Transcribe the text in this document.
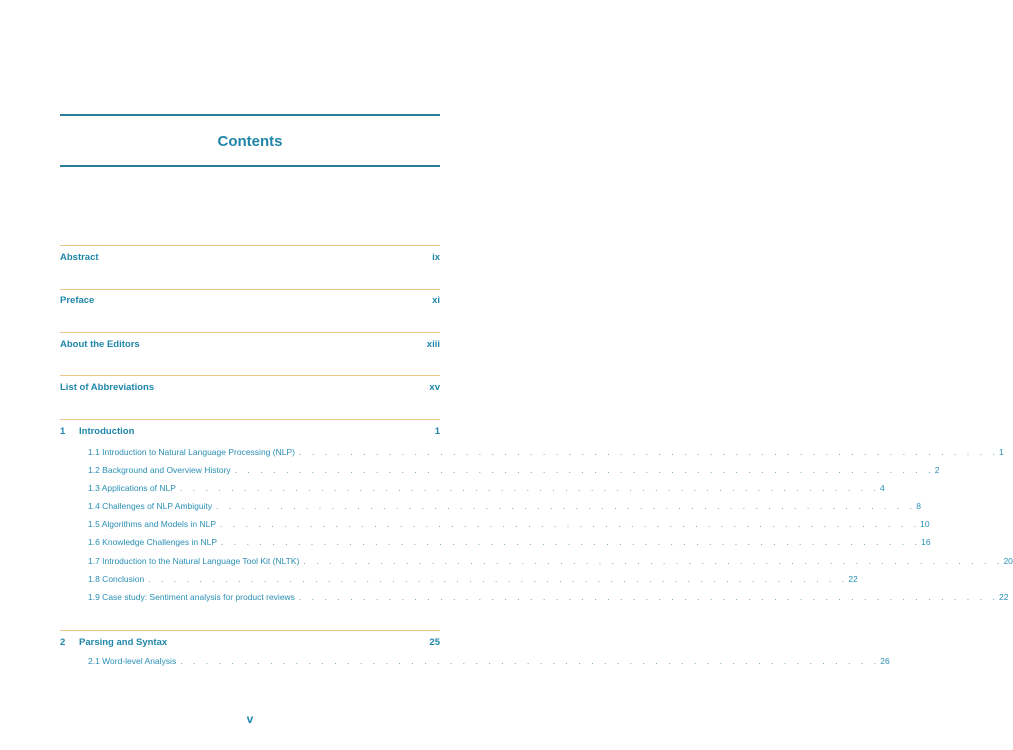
Contents
Abstract	ix
Preface	xi
About the Editors	xiii
List of Abbreviations	xv
1 Introduction	1
1.1 Introduction to Natural Language Processing (NLP) . . . . . . . . . . . . . . . . . . . . . . . . . . . . . . . . . . . . . . . . . . . . . . . . . . . . . . . 1
1.2 Background and Overview History . . . . . . . . . . . . . . . . . . . . . . . . . . . . . . . . . . . . . . . . . . . . . . . . . . . . . . . 2
1.3 Applications of NLP . . . . . . . . . . . . . . . . . . . . . . . . . . . . . . . . . . . . . . . . . . . . . . . . . . . . . . . 4
1.4 Challenges of NLP Ambiguity . . . . . . . . . . . . . . . . . . . . . . . . . . . . . . . . . . . . . . . . . . . . . . . . . . . . . . . 8
1.5 Algorithms and Models in NLP . . . . . . . . . . . . . . . . . . . . . . . . . . . . . . . . . . . . . . . . . . . . . . . . . . . . . . . 10
1.6 Knowledge Challenges in NLP . . . . . . . . . . . . . . . . . . . . . . . . . . . . . . . . . . . . . . . . . . . . . . . . . . . . . . . 16
1.7 Introduction to the Natural Language Tool Kit (NLTK) . . . . . . . . . . . . . . . . . . . . . . . . . . . . . . . . . . . . . . . . . . . . . . . . . . . . . . . 20
1.8 Conclusion . . . . . . . . . . . . . . . . . . . . . . . . . . . . . . . . . . . . . . . . . . . . . . . . . . . . . . . 22
1.9 Case study: Sentiment analysis for product reviews . . . . . . . . . . . . . . . . . . . . . . . . . . . . . . . . . . . . . . . . . . . . . . . . . . . . . . . 22
2 Parsing and Syntax	25
2.1 Word-level Analysis . . . . . . . . . . . . . . . . . . . . . . . . . . . . . . . . . . . . . . . . . . . . . . . . . . . . . . . 26
v
